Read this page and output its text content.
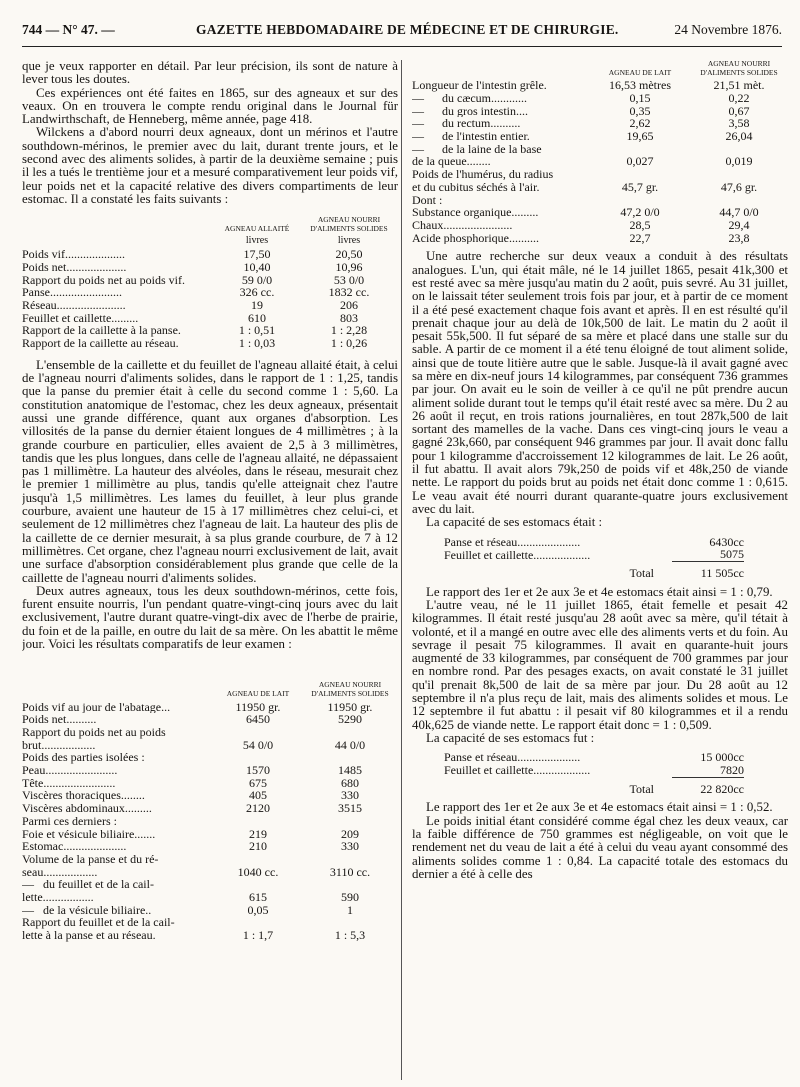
744 — N° 47. —	GAZETTE HEBDOMADAIRE DE MÉDECINE ET DE CHIRURGIE.	24 Novembre 1876.

que je veux rapporter en détail. Par leur précision, ils sont de nature à lever tous les doutes.

Ces expériences ont été faites en 1865, sur des agneaux et sur des veaux. On en trouvera le compte rendu original dans le Journal für Landwirthschaft, de Henneberg, même année, page 418.

Wilckens a d'abord nourri deux agneaux, dont un mérinos et l'autre southdown-mérinos, le premier avec du lait, durant trente jours, et le second avec des aliments solides, à partir de la deuxième semaine ; puis il les a tués le trentième jour et a mesuré comparativement leur poids vif, leur poids net et la capacité relative des divers compartiments de leur estomac. Il a constaté les faits suivants :

	AGNEAU ALLAITÉ	AGNEAU NOURRI D'ALIMENTS SOLIDES
	livres	livres
Poids vif....................	17,50	20,50
Poids net....................	10,40	10,96
Rapport du poids net au poids vif.	59 0/0	53 0/0
Panse........................	326 cc.	1832 cc.
Réseau.......................	19	206
Feuillet et caillette.........	610	803
Rapport de la caillette à la panse.	1 : 0,51	1 : 2,28
Rapport de la caillette au réseau.	1 : 0,03	1 : 0,26

L'ensemble de la caillette et du feuillet de l'agneau allaité était, à celui de l'agneau nourri d'aliments solides, dans le rapport de 1 : 1,25, tandis que la panse du premier était à celle du second comme 1 : 5,60. La constitution anatomique de l'estomac, chez les deux agneaux, présentait aussi une grande différence, quant aux organes d'absorption. Les villosités de la panse du dernier étaient longues de 4 millimètres ; à la grande courbure en particulier, elles avaient de 2,5 à 3 millimètres, tandis que les plus longues, dans celle de l'agneau allaité, ne dépassaient pas 1 millimètre. La hauteur des alvéoles, dans le réseau, mesurait chez le premier 1 millimètre au plus, tandis qu'elle atteignait chez l'autre jusqu'à 1,5 millimètres. Les lames du feuillet, à leur plus grande courbure, avaient une hauteur de 15 à 17 millimètres chez celui-ci, et seulement de 12 millimètres chez l'agneau de lait. La hauteur des plis de la caillette de ce dernier mesurait, à sa plus grande courbure, de 7 à 12 millimètres. Cet organe, chez l'agneau nourri exclusivement de lait, avait une surface d'absorption considérablement plus grande que celle de la caillette de l'agneau nourri d'aliments solides.

Deux autres agneaux, tous les deux southdown-mérinos, cette fois, furent ensuite nourris, l'un pendant quatre-vingt-cinq jours avec du lait exclusivement, l'autre durant quatre-vingt-dix avec de l'herbe de prairie, du foin et de la paille, en outre du lait de sa mère. On les abattit le même jour. Voici les résultats comparatifs de leur examen :

	AGNEAU DE LAIT	AGNEAU NOURRI D'ALIMENTS SOLIDES
Poids vif au jour de l'abatage...	11950 gr.	11950 gr.
Poids net..........	6450	5290
Rapport du poids net au poids		
brut..................	54 0/0	44 0/0
Poids des parties isolées :		
Peau........................	1570	1485
Tête........................	675	680
Viscères thoraciques........	405	330
Viscères abdominaux.........	2120	3515
Parmi ces derniers :		
Foie et vésicule biliaire.......	219	209
Estomac.....................	210	330
Volume de la panse et du ré-		
seau..................	1040 cc.	3110 cc.
—   du feuillet et de la cail-		
lette.................	615	590
—   de la vésicule biliaire..	0,05	1
Rapport du feuillet et de la cail-		
lette à la panse et au réseau.	1 : 1,7	1 : 5,3
	AGNEAU DE LAIT	AGNEAU NOURRI D'ALIMENTS SOLIDES
Longueur de l'intestin grêle.	16,53 mètres	21,51 mèt.
—      du cæcum............	0,15	0,22
—      du gros intestin....	0,35	0,67
—      du rectum..........	2,62	3,58
—      de l'intestin entier.	19,65	26,04
—      de la laine de la base		
de la queue........	0,027	0,019
Poids de l'humérus, du radius		
et du cubitus séchés à l'air.	45,7 gr.	47,6 gr.
Dont :		
Substance organique.........	47,2 0/0	44,7 0/0
Chaux.......................	28,5	29,4
Acide phosphorique..........	22,7	23,8

Une autre recherche sur deux veaux a conduit à des résultats analogues. L'un, qui était mâle, né le 14 juillet 1865, pesait 41k,300 et est resté avec sa mère jusqu'au matin du 2 août, puis sevré. Au 31 juillet, on le laissait téter seulement trois fois par jour, et à partir de ce moment il a été pesé exactement chaque fois avant et après. Il en est résulté qu'il prenait chaque jour au delà de 10k,500 de lait. Le matin du 2 août il pesait 55k,500. Il fut séparé de sa mère et placé dans une stalle sur du sable. A partir de ce moment il a été tenu éloigné de tout aliment solide, ainsi que de toute litière autre que le sable. Jusque-là il avait gagné avec sa mère en dix-neuf jours 14 kilogrammes, par conséquent 736 grammes par jour. On avait eu le soin de veiller à ce qu'il ne pût prendre aucun aliment solide durant tout le temps qu'il était resté avec sa mère. Du 2 au 26 août il reçut, en trois rations journalières, en tout 287k,500 de lait sortant des mamelles de la vache. Dans ces vingt-cinq jours le veau a gagné 23k,660, par conséquent 946 grammes par jour. Il avait donc fallu pour 1 kilogramme d'accroissement 12 kilogrammes de lait. Le 26 août, il fut abattu. Il avait alors 79k,250 de poids vif et 48k,250 de viande nette. Le rapport du poids brut au poids net était donc comme 1 : 0,615. Le veau avait été nourri durant quarante-quatre jours exclusivement avec du lait.

La capacité de ses estomacs était :

Panse et réseau.....................	6430cc
Feuillet et caillette...................	5075
Total	11 505cc

Le rapport des 1er et 2e aux 3e et 4e estomacs était ainsi = 1 : 0,79.

L'autre veau, né le 11 juillet 1865, était femelle et pesait 42 kilogrammes. Il était resté jusqu'au 28 août avec sa mère, qu'il tétait à volonté, et il a mangé en outre avec elle des aliments verts et du foin. Au sevrage il pesait 75 kilogrammes. Il avait en quarante-huit jours augmenté de 33 kilogrammes, par conséquent de 700 grammes par jour en nombre rond. Par des pesages exacts, on avait constaté le 31 juillet qu'il prenait 8k,500 de lait de sa mère par jour. Du 28 août au 12 septembre il n'a plus reçu de lait, mais des aliments solides et mous. Le 12 septembre il fut abattu : il pesait vif 80 kilogrammes et il a rendu 40k,625 de viande nette. Le rapport était donc = 1 : 0,509.

La capacité de ses estomacs fut :

Panse et réseau.....................	15 000cc
Feuillet et caillette...................	7820
Total	22 820cc

Le rapport des 1er et 2e aux 3e et 4e estomacs était ainsi = 1 : 0,52.

Le poids initial étant considéré comme égal chez les deux veaux, car la faible différence de 750 grammes est négligeable, on voit que le rendement net du veau de lait a été à celui du veau ayant consommé des aliments solides comme 1 : 0,84. La capacité totale des estomacs du dernier a été à celle des
